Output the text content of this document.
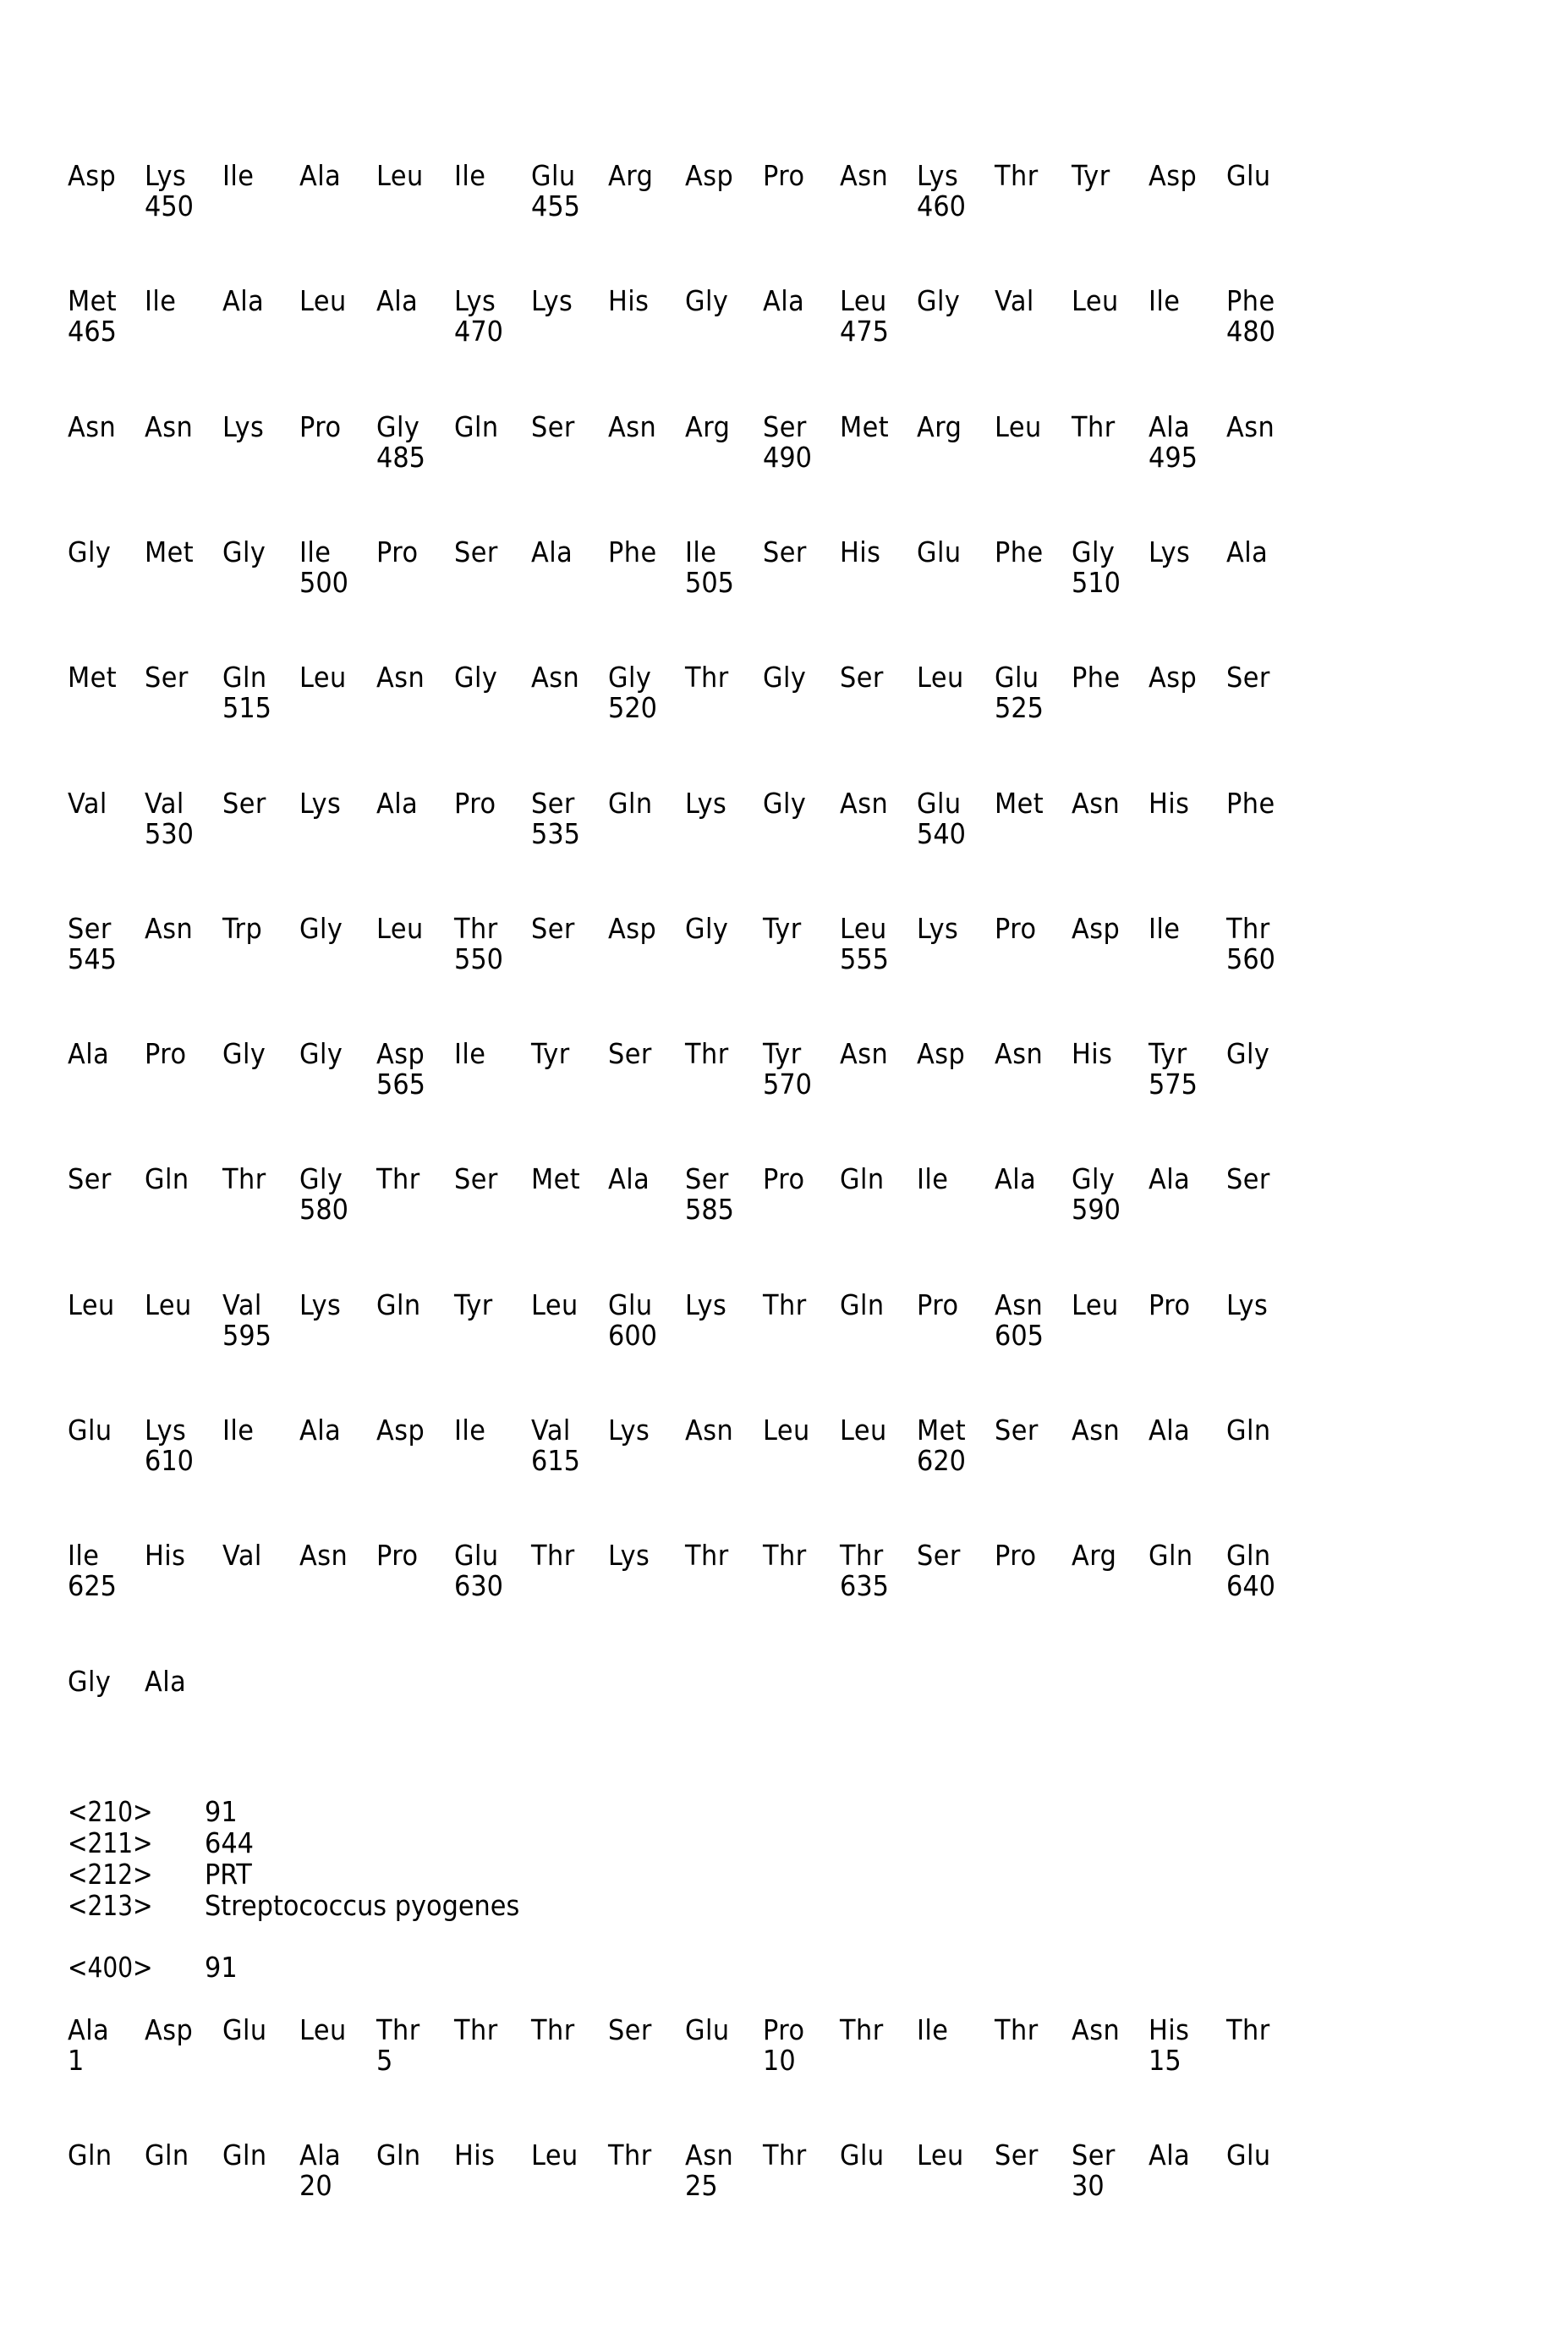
<210> 91
<211> 644
<212> PRT
<213> Streptococcus pyogenes
<400> 91
Asp Lys Ile Ala Leu Ile Glu Arg Asp Pro Asn Lys Thr Tyr Asp Glu
450	455	460
Met Ile Ala Leu Ala Lys Lys His Gly Ala Leu Gly Val Leu Ile Phe
465	470	475	480
Asn Asn Lys Pro Gly Gln Ser Asn Arg Ser Met Arg Leu Thr Ala Asn
485	490	495
Gly Met Gly Ile Pro Ser Ala Phe Ile Ser His Glu Phe Gly Lys Ala
500	505	510
Met Ser Gln Leu Asn Gly Asn Gly Thr Gly Ser Leu Glu Phe Asp Ser
515	520	525
Val Val Ser Lys Ala Pro Ser Gln Lys Gly Asn Glu Met Asn His Phe
530	535	540
Ser Asn Trp Gly Leu Thr Ser Asp Gly Tyr Leu Lys Pro Asp Ile Thr
545	550	555	560
Ala Pro Gly Gly Asp Ile Tyr Ser Thr Tyr Asn Asp Asn His Tyr Gly
565	570	575
Ser Gln Thr Gly Thr Ser Met Ala Ser Pro Gln Ile Ala Gly Ala Ser
580	585	590
Leu Leu Val Lys Gln Tyr Leu Glu Lys Thr Gln Pro Asn Leu Pro Lys
595	600	605
Glu Lys Ile Ala Asp Ile Val Lys Asn Leu Leu Met Ser Asn Ala Gln
610	615	620
Ile His Val Asn Pro Glu Thr Lys Thr Thr Thr Ser Pro Arg Gln Gln
625	630	635	640
Gly Ala
Ala Asp Glu Leu Thr Thr Thr Ser Glu Pro Thr Ile Thr Asn His Thr
1	5	10	15
Gln Gln Gln Ala Gln His Leu Thr Asn Thr Glu Leu Ser Ser Ala Glu
20	25	30
